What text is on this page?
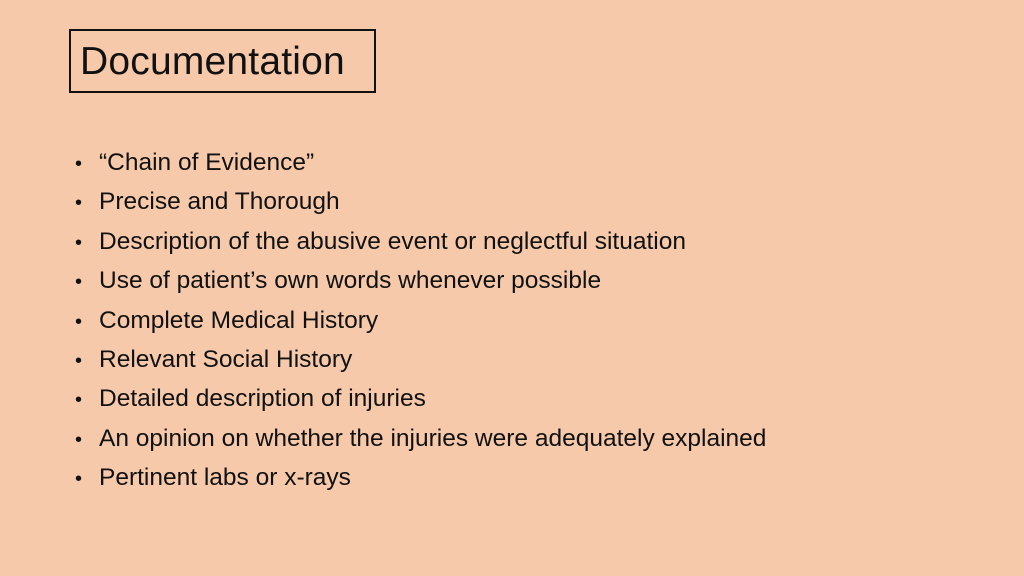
Documentation
• “Chain of Evidence”
• Precise and Thorough
• Description of the abusive event or neglectful situation
• Use of patient’s own words whenever possible
• Complete Medical History
• Relevant Social History
• Detailed description of injuries
• An opinion on whether the injuries were adequately explained
• Pertinent labs or x-rays
